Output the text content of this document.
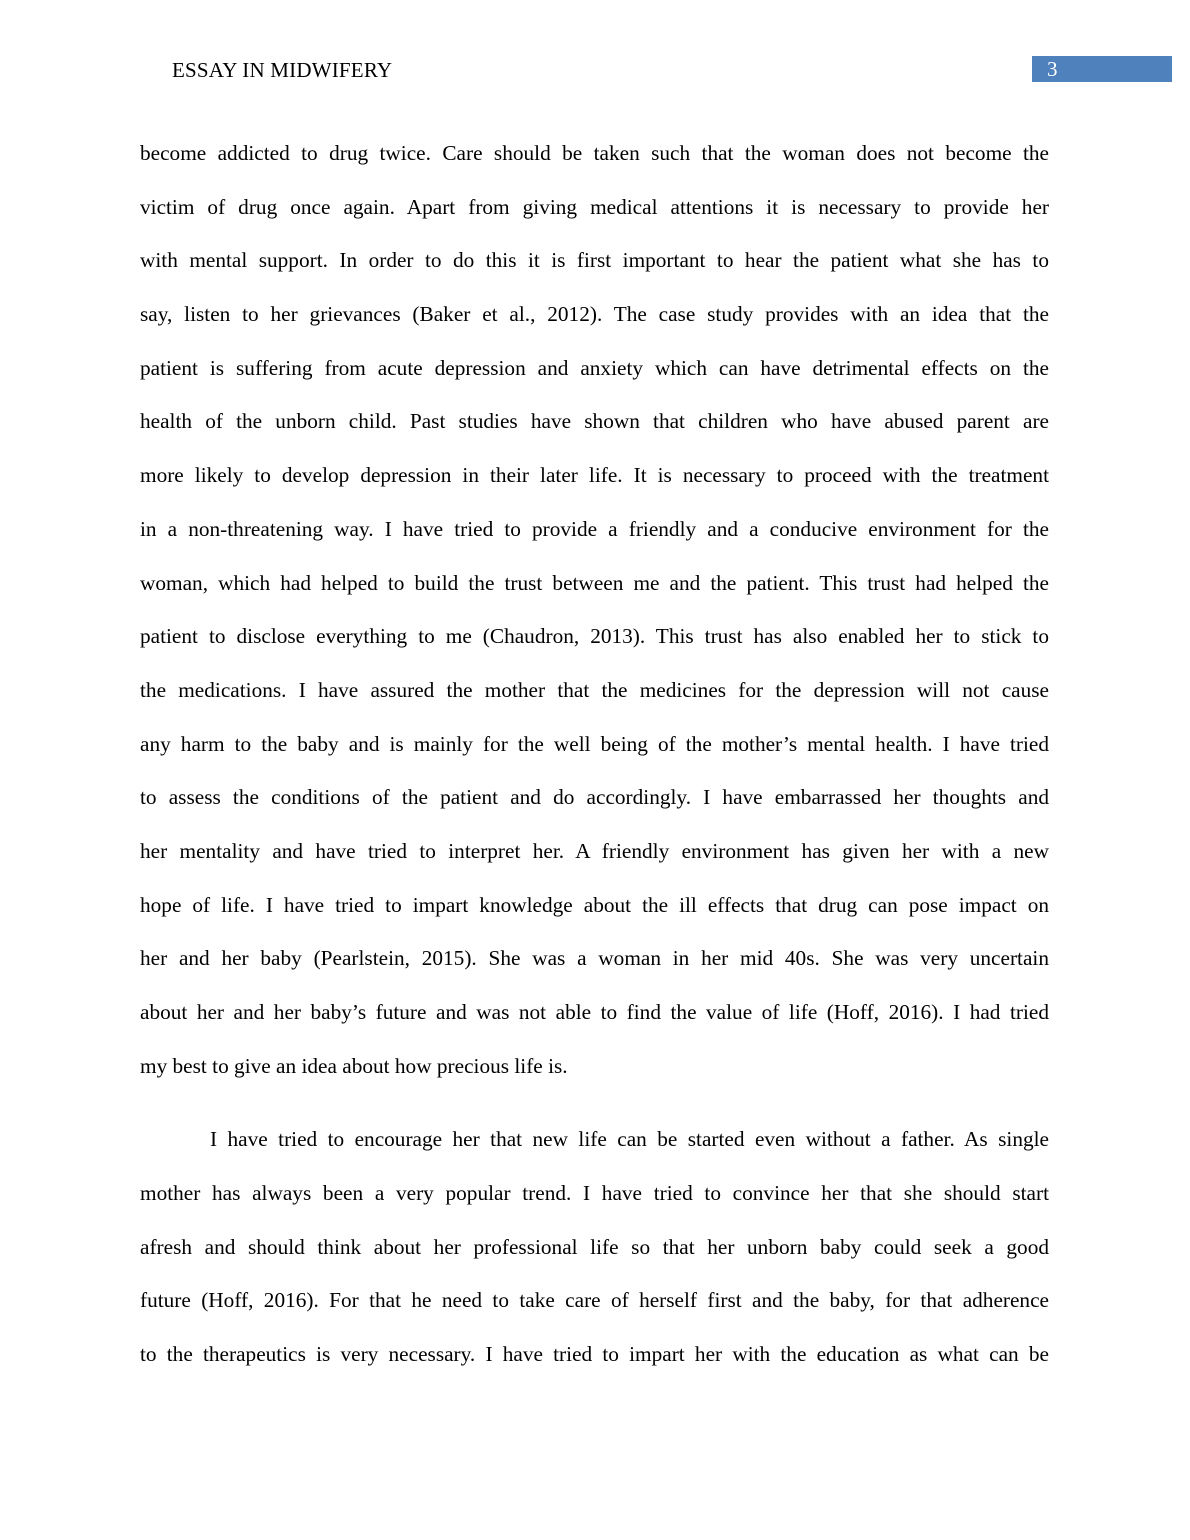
ESSAY IN MIDWIFERY	3

become addicted to drug twice. Care should be taken such that the woman does not become the
victim of drug once again. Apart from giving medical attentions it is necessary to provide her
with mental support. In order to do this it is first important to hear the patient what she has to
say, listen to her grievances (Baker et al., 2012). The case study provides with an idea that the
patient is suffering from acute depression and anxiety which can have detrimental effects on the
health of the unborn child. Past studies have shown that children who have abused parent are
more likely to develop depression in their later life. It is necessary to proceed with the treatment
in a non-threatening way. I have tried to provide a friendly and a conducive environment for the
woman, which had helped to build the trust between me and the patient. This trust had helped the
patient to disclose everything to me (Chaudron, 2013). This trust has also enabled her to stick to
the medications. I have assured the mother that the medicines for the depression will not cause
any harm to the baby and is mainly for the well being of the mother’s mental health. I have tried
to assess the conditions of the patient and do accordingly. I have embarrassed her thoughts and
her mentality and have tried to interpret her. A friendly environment has given her with a new
hope of life. I have tried to impart knowledge about the ill effects that drug can pose impact on
her and her baby (Pearlstein, 2015). She was a woman in her mid 40s. She was very uncertain
about her and her baby’s future and was not able to find the value of life (Hoff, 2016). I had tried
my best to give an idea about how precious life is.

I have tried to encourage her that new life can be started even without a father. As single
mother has always been a very popular trend. I have tried to convince her that she should start
afresh and should think about her professional life so that her unborn baby could seek a good
future (Hoff, 2016). For that he need to take care of herself first and the baby, for that adherence
to the therapeutics is very necessary. I have tried to impart her with the education as what can be
